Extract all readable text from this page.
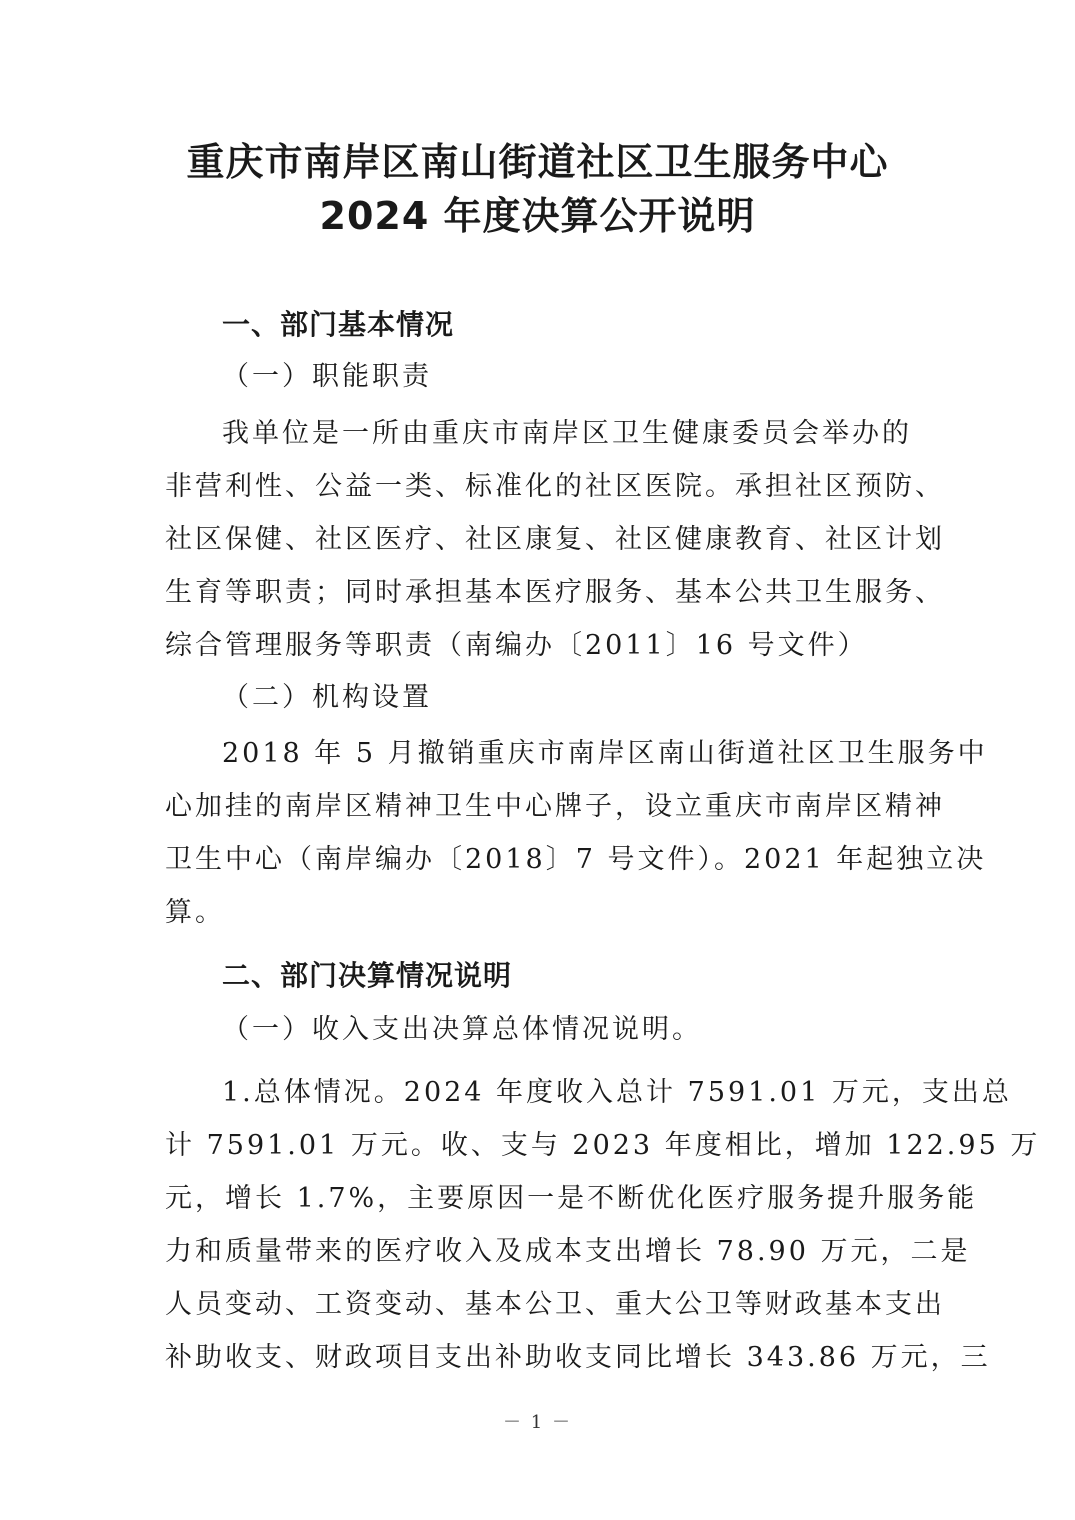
重庆市南岸区南山街道社区卫生服务中心
2024 年度决算公开说明
一、部门基本情况
（一）职能职责
我单位是一所由重庆市南岸区卫生健康委员会举办的
非营利性、公益一类、标准化的社区医院。承担社区预防、
社区保健、社区医疗、社区康复、社区健康教育、社区计划
生育等职责；同时承担基本医疗服务、基本公共卫生服务、
综合管理服务等职责（南编办〔2011〕16 号文件）
（二）机构设置
2018 年 5 月撤销重庆市南岸区南山街道社区卫生服务中
心加挂的南岸区精神卫生中心牌子，设立重庆市南岸区精神
卫生中心（南岸编办〔2018〕7 号文件）。2021 年起独立决
算。
二、部门决算情况说明
（一）收入支出决算总体情况说明。
1.总体情况。2024 年度收入总计 7591.01 万元，支出总
计 7591.01 万元。收、支与 2023 年度相比，增加 122.95 万
元，增长 1.7%，主要原因一是不断优化医疗服务提升服务能
力和质量带来的医疗收入及成本支出增长 78.90 万元，二是
人员变动、工资变动、基本公卫、重大公卫等财政基本支出
补助收支、财政项目支出补助收支同比增长 343.86 万元，三
－ 1 －
